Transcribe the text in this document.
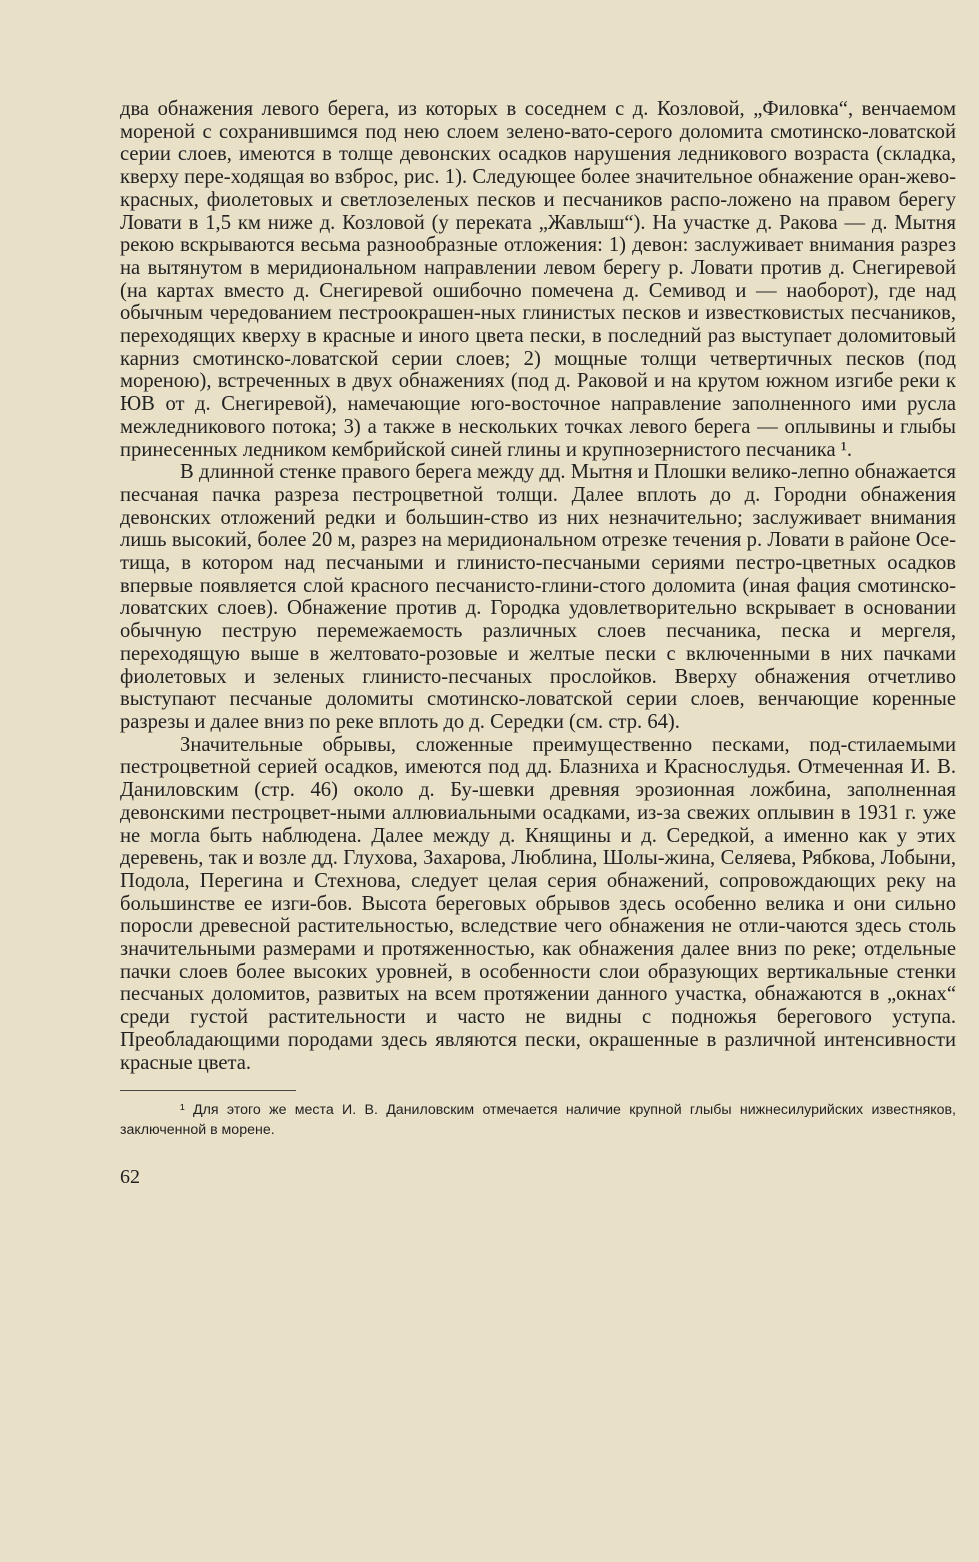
два обнажения левого берега, из которых в соседнем с д. Козловой, „Филовка“, венчаемом мореной с сохранившимся под нею слоем зелено-вато-серого доломита смотинско-ловатской серии слоев, имеются в толще девонских осадков нарушения ледникового возраста (складка, кверху пере-ходящая во взброс, рис. 1). Следующее более значительное обнажение оран-жево-красных, фиолетовых и светлозеленых песков и песчаников распо-ложено на правом берегу Ловати в 1,5 км ниже д. Козловой (у переката „Жавлыш“). На участке д. Ракова — д. Мытня рекою вскрываются весьма разнообразные отложения: 1) девон: заслуживает внимания разрез на вытянутом в меридиональном направлении левом берегу р. Ловати против д. Снегиревой (на картах вместо д. Снегиревой ошибочно помечена д. Семивод и — наоборот), где над обычным чередованием пестроокрашен-ных глинистых песков и известковистых песчаников, переходящих кверху в красные и иного цвета пески, в последний раз выступает доломитовый карниз смотинско-ловатской серии слоев; 2) мощные толщи четвертичных песков (под мореною), встреченных в двух обнажениях (под д. Раковой и на крутом южном изгибе реки к ЮВ от д. Снегиревой), намечающие юго-восточное направление заполненного ими русла межледникового потока; 3) а также в нескольких точках левого берега — оплывины и глыбы принесенных ледником кембрийской синей глины и крупнозернистого песчаника ¹.

В длинной стенке правого берега между дд. Мытня и Плошки велико-лепно обнажается песчаная пачка разреза пестроцветной толщи. Далее вплоть до д. Городни обнажения девонских отложений редки и большин-ство из них незначительно; заслуживает внимания лишь высокий, более 20 м, разрез на меридиональном отрезке течения р. Ловати в районе Осе-тища, в котором над песчаными и глинисто-песчаными сериями пестро-цветных осадков впервые появляется слой красного песчанисто-глини-стого доломита (иная фация смотинско-ловатских слоев). Обнажение против д. Городка удовлетворительно вскрывает в основании обычную пеструю перемежаемость различных слоев песчаника, песка и мергеля, переходящую выше в желтовато-розовые и желтые пески с включенными в них пачками фиолетовых и зеленых глинисто-песчаных прослойков. Вверху обнажения отчетливо выступают песчаные доломиты смотинско-ловатской серии слоев, венчающие коренные разрезы и далее вниз по реке вплоть до д. Середки (см. стр. 64).

Значительные обрывы, сложенные преимущественно песками, под-стилаемыми пестроцветной серией осадков, имеются под дд. Блазниха и Краснослудья. Отмеченная И. В. Даниловским (стр. 46) около д. Бу-шевки древняя эрозионная ложбина, заполненная девонскими пестроцвет-ными аллювиальными осадками, из-за свежих оплывин в 1931 г. уже не могла быть наблюдена. Далее между д. Княщины и д. Середкой, а именно как у этих деревень, так и возле дд. Глухова, Захарова, Люблина, Шолы-жина, Селяева, Рябкова, Лобыни, Подола, Перегина и Стехнова, следует целая серия обнажений, сопровождающих реку на большинстве ее изги-бов. Высота береговых обрывов здесь особенно велика и они сильно поросли древесной растительностью, вследствие чего обнажения не отли-чаются здесь столь значительными размерами и протяженностью, как обнажения далее вниз по реке; отдельные пачки слоев более высоких уровней, в особенности слои образующих вертикальные стенки песчаных доломитов, развитых на всем протяжении данного участка, обнажаются в „окнах“ среди густой растительности и часто не видны с подножья берегового уступа. Преобладающими породами здесь являются пески, окрашенные в различной интенсивности красные цвета.

¹ Для этого же места И. В. Даниловским отмечается наличие крупной глыбы нижнесилурийских известняков, заключенной в морене.

62
